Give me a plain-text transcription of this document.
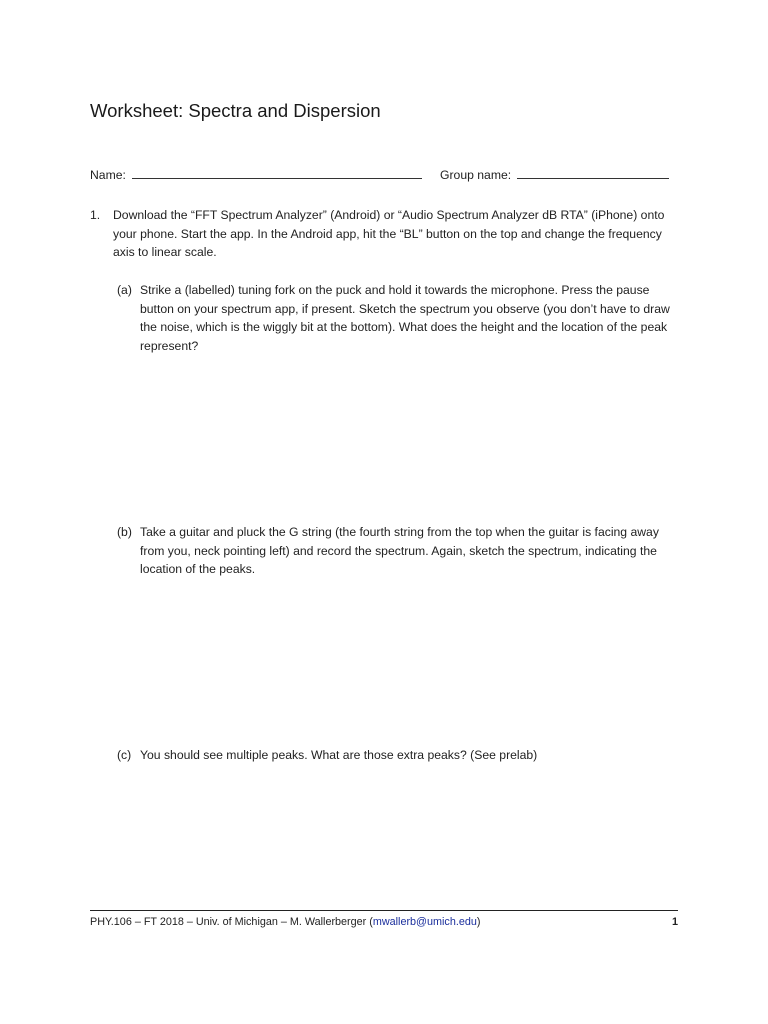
Worksheet: Spectra and Dispersion
Name:	Group name:
1. Download the “FFT Spectrum Analyzer” (Android) or “Audio Spectrum Analyzer dB RTA” (iPhone) onto your phone. Start the app. In the Android app, hit the “BL” button on the top and change the frequency axis to linear scale.
(a) Strike a (labelled) tuning fork on the puck and hold it towards the microphone. Press the pause button on your spectrum app, if present. Sketch the spectrum you observe (you don’t have to draw the noise, which is the wiggly bit at the bottom). What does the height and the location of the peak represent?
(b) Take a guitar and pluck the G string (the fourth string from the top when the guitar is facing away from you, neck pointing left) and record the spectrum. Again, sketch the spectrum, indicating the location of the peaks.
(c) You should see multiple peaks. What are those extra peaks? (See prelab)
PHY.106 – FT 2018 – Univ. of Michigan – M. Wallerberger (mwallerb@umich.edu)	1
